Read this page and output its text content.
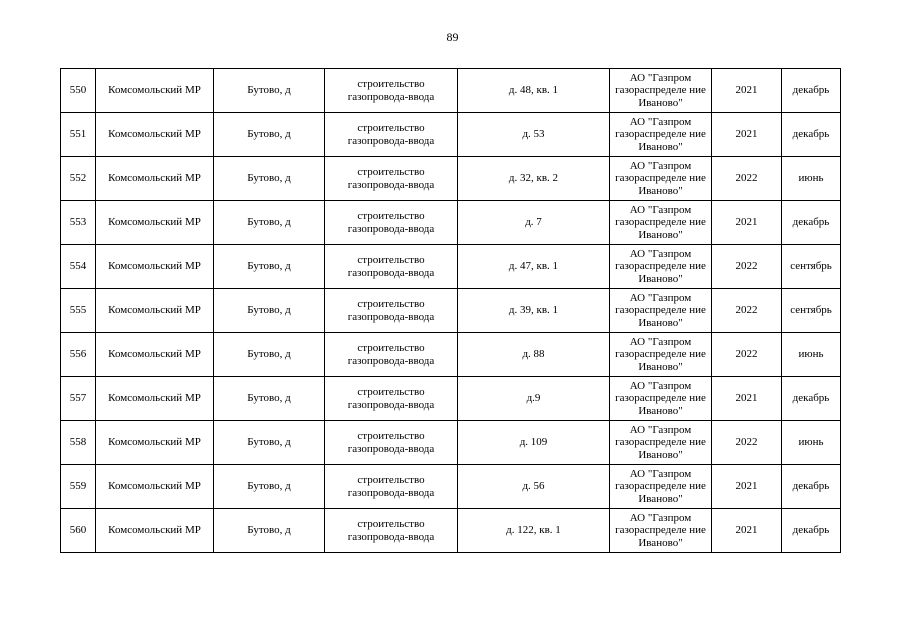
89
550	Комсомольский МР	Бутово, д	строительство газопровода-ввода	д. 48, кв. 1	АО "Газпром газораспределе ние Иваново"	2021	декабрь
551	Комсомольский МР	Бутово, д	строительство газопровода-ввода	д. 53	АО "Газпром газораспределе ние Иваново"	2021	декабрь
552	Комсомольский МР	Бутово, д	строительство газопровода-ввода	д. 32, кв. 2	АО "Газпром газораспределе ние Иваново"	2022	июнь
553	Комсомольский МР	Бутово, д	строительство газопровода-ввода	д. 7	АО "Газпром газораспределе ние Иваново"	2021	декабрь
554	Комсомольский МР	Бутово, д	строительство газопровода-ввода	д. 47, кв. 1	АО "Газпром газораспределе ние Иваново"	2022	сентябрь
555	Комсомольский МР	Бутово, д	строительство газопровода-ввода	д. 39, кв. 1	АО "Газпром газораспределе ние Иваново"	2022	сентябрь
556	Комсомольский МР	Бутово, д	строительство газопровода-ввода	д. 88	АО "Газпром газораспределе ние Иваново"	2022	июнь
557	Комсомольский МР	Бутово, д	строительство газопровода-ввода	д.9	АО "Газпром газораспределе ние Иваново"	2021	декабрь
558	Комсомольский МР	Бутово, д	строительство газопровода-ввода	д. 109	АО "Газпром газораспределе ние Иваново"	2022	июнь
559	Комсомольский МР	Бутово, д	строительство газопровода-ввода	д. 56	АО "Газпром газораспределе ние Иваново"	2021	декабрь
560	Комсомольский МР	Бутово, д	строительство газопровода-ввода	д. 122, кв. 1	АО "Газпром газораспределе ние Иваново"	2021	декабрь
